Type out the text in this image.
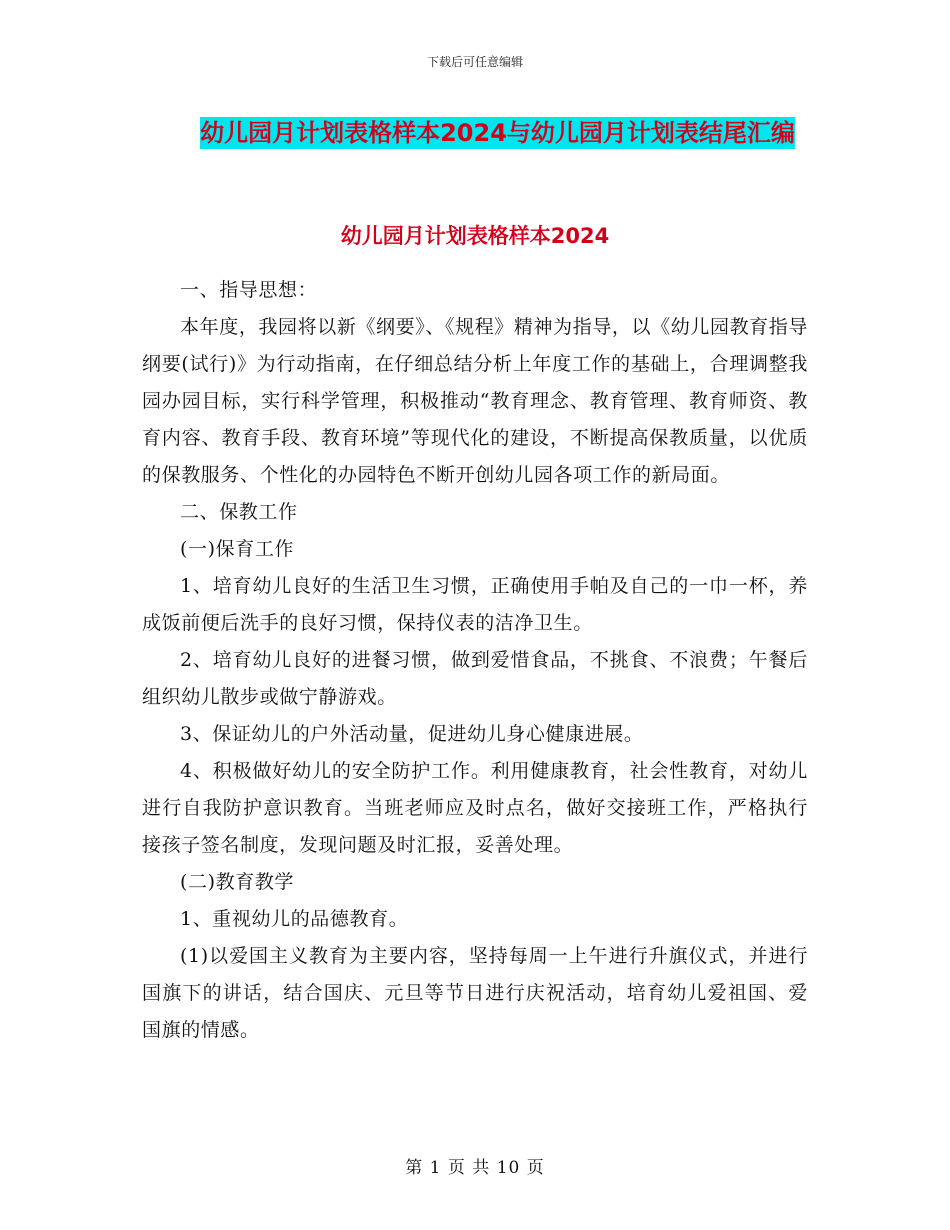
下载后可任意编辑
幼儿园月计划表格样本2024与幼儿园月计划表结尾汇编
幼儿园月计划表格样本2024

一、指导思想：

本年度，我园将以新《纲要》、《规程》精神为指导，以《幼儿园教育指导纲要(试行)》为行动指南，在仔细总结分析上年度工作的基础上，合理调整我园办园目标，实行科学管理，积极推动“教育理念、教育管理、教育师资、教育内容、教育手段、教育环境”等现代化的建设，不断提高保教质量，以优质的保教服务、个性化的办园特色不断开创幼儿园各项工作的新局面。

二、保教工作

(一)保育工作

1、培育幼儿良好的生活卫生习惯，正确使用手帕及自己的一巾一杯，养成饭前便后洗手的良好习惯，保持仪表的洁净卫生。

2、培育幼儿良好的进餐习惯，做到爱惜食品，不挑食、不浪费；午餐后组织幼儿散步或做宁静游戏。

3、保证幼儿的户外活动量，促进幼儿身心健康进展。

4、积极做好幼儿的安全防护工作。利用健康教育，社会性教育，对幼儿进行自我防护意识教育。当班老师应及时点名，做好交接班工作，严格执行接孩子签名制度，发现问题及时汇报，妥善处理。

(二)教育教学

1、重视幼儿的品德教育。

(1)以爱国主义教育为主要内容，坚持每周一上午进行升旗仪式，并进行国旗下的讲话，结合国庆、元旦等节日进行庆祝活动，培育幼儿爱祖国、爱国旗的情感。

第 1 页 共 10 页
